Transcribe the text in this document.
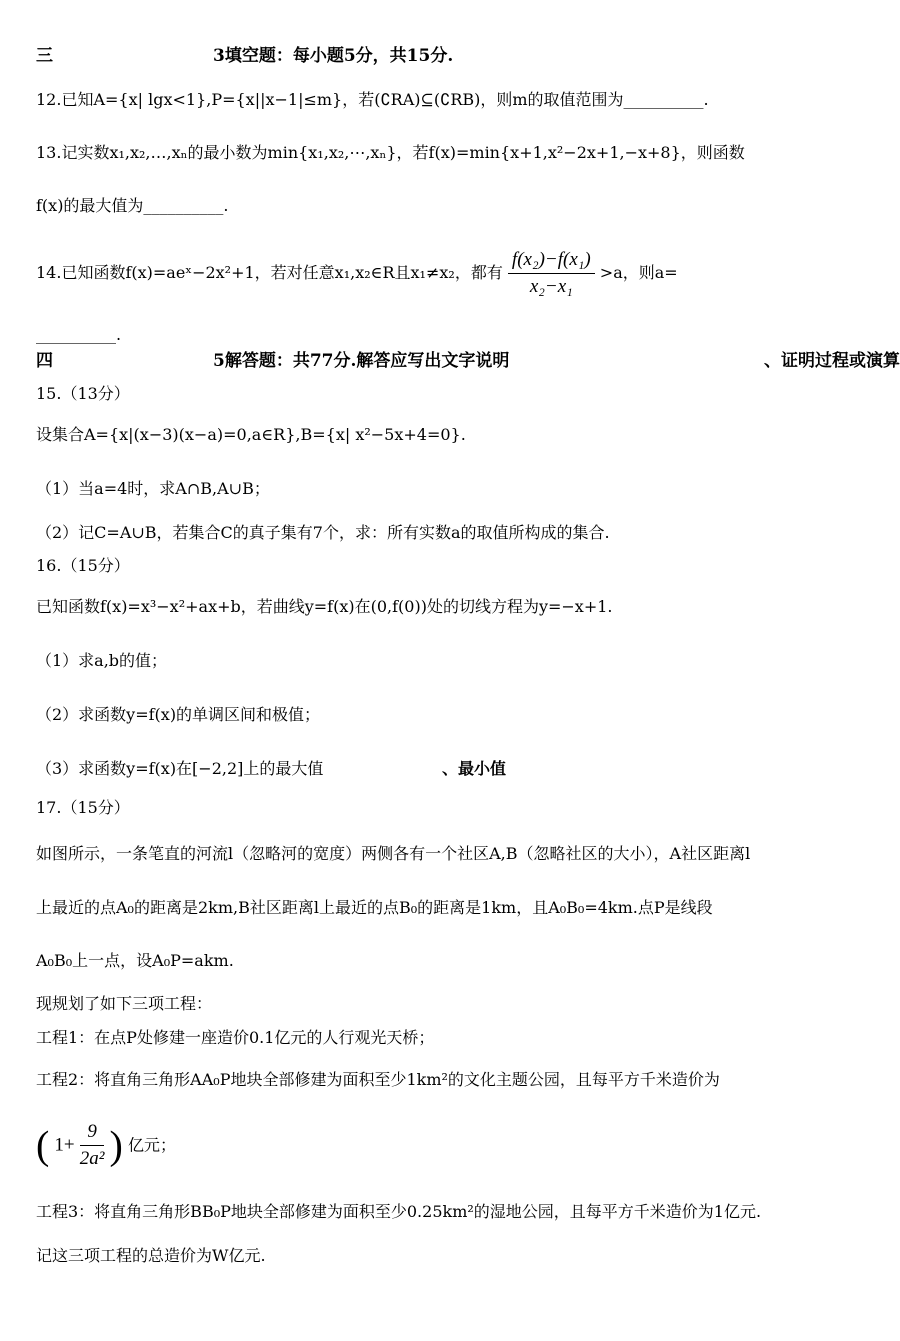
三	3填空题：每小题5分，共15分.
12.已知A={x| lgx<1},P={x||x−1|≤m}，若(∁RA)⊆(∁RB)，则m的取值范围为__________.
13.记实数x₁,x₂,…,xₙ的最小数为min{x₁,x₂,⋯,xₙ}，若f(x)=min{x+1,x²−2x+1,−x+8}，则函数
f(x)的最大值为__________.
14.已知函数f(x)=aeˣ−2x²+1，若对任意x₁,x₂∈R且x₁≠x₂，都有 $\frac{\text{f(x₂)−f(x₁)}}{\text{x₂−x₁}} >a$，则a=
__________.
四	5解答题：共77分.解答应写出文字说明	、证明过程或演算
15.（13分）
设集合A={x|(x−3)(x−a)=0,a∈R},B={x| x²−5x+4=0}.
（1）当a=4时，求A∩B,A∪B；
（2）记C=A∪B，若集合C的真子集有7个，求：所有实数a的取值所构成的集合.
16.（15分）
已知函数f(x)=x³−x²+ax+b，若曲线y=f(x)在(0,f(0))处的切线方程为y=−x+1.
（1）求a,b的值；
（2）求函数y=f(x)的单调区间和极值；
（3）求函数y=f(x)在[−2,2]上的最大值	、最小值
17.（15分）
如图所示，一条笔直的河流l（忽略河的宽度）两侧各有一个社区A,B（忽略社区的大小），A社区距离l
上最近的点A₀的距离是2km,B社区距离l上最近的点B₀的距离是1km，且A₀B₀=4km.点P是线段
A₀B₀上一点，设A₀P=akm.
现规划了如下三项工程：
工程1：在点P处修建一座造价0.1亿元的人行观光天桥；
工程2：将直角三角形AA₀P地块全部修建为面积至少1km²的文化主题公园，且每平方千米造价为
( $1+ \frac{9}{\text{2a²}}$ ) 亿元；
工程3：将直角三角形BB₀P地块全部修建为面积至少0.25km²的湿地公园，且每平方千米造价为1亿元.
记这三项工程的总造价为W亿元.
